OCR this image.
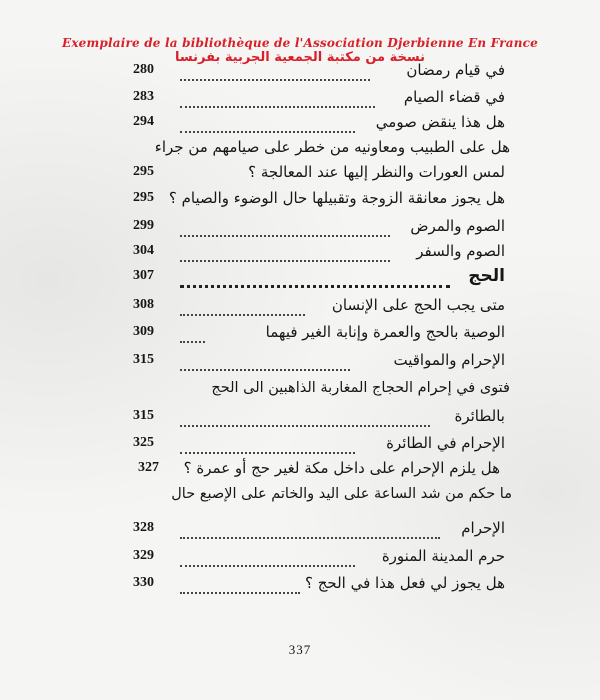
Exemplaire de la bibliothèque de l'Association Djerbienne En France
نسخة من مكتبة الجمعية الجربية بفرنسا
في قيام رمضان
280
في قضاء الصيام
283
هل هذا ينقض صومي
294
هل على الطبيب ومعاونيه من خطر على صيامهم من جراء
لمس العورات والنظر إليها عند المعالجة ؟
295
هل يجوز معانقة الزوجة وتقبيلها حال الوضوء والصيام ؟
295
الصوم والمرض
299
الصوم والسفر
304
الحج
307
متى يجب الحج على الإنسان
308
الوصية بالحج والعمرة وإنابة الغير فيهما
309
الإحرام والمواقيت
315
فتوى في إحرام الحجاج المغاربة الذاهبين الى الحج
بالطائرة
315
الإحرام في الطائرة
325
هل يلزم الإحرام على داخل مكة لغير حج أو عمرة ؟
327
ما حكم من شد الساعة على اليد والخاتم على الإصبع حال
الإحرام
328
حرم المدينة المنورة
329
هل يجوز لي فعل هذا في الحج ؟
330
337
